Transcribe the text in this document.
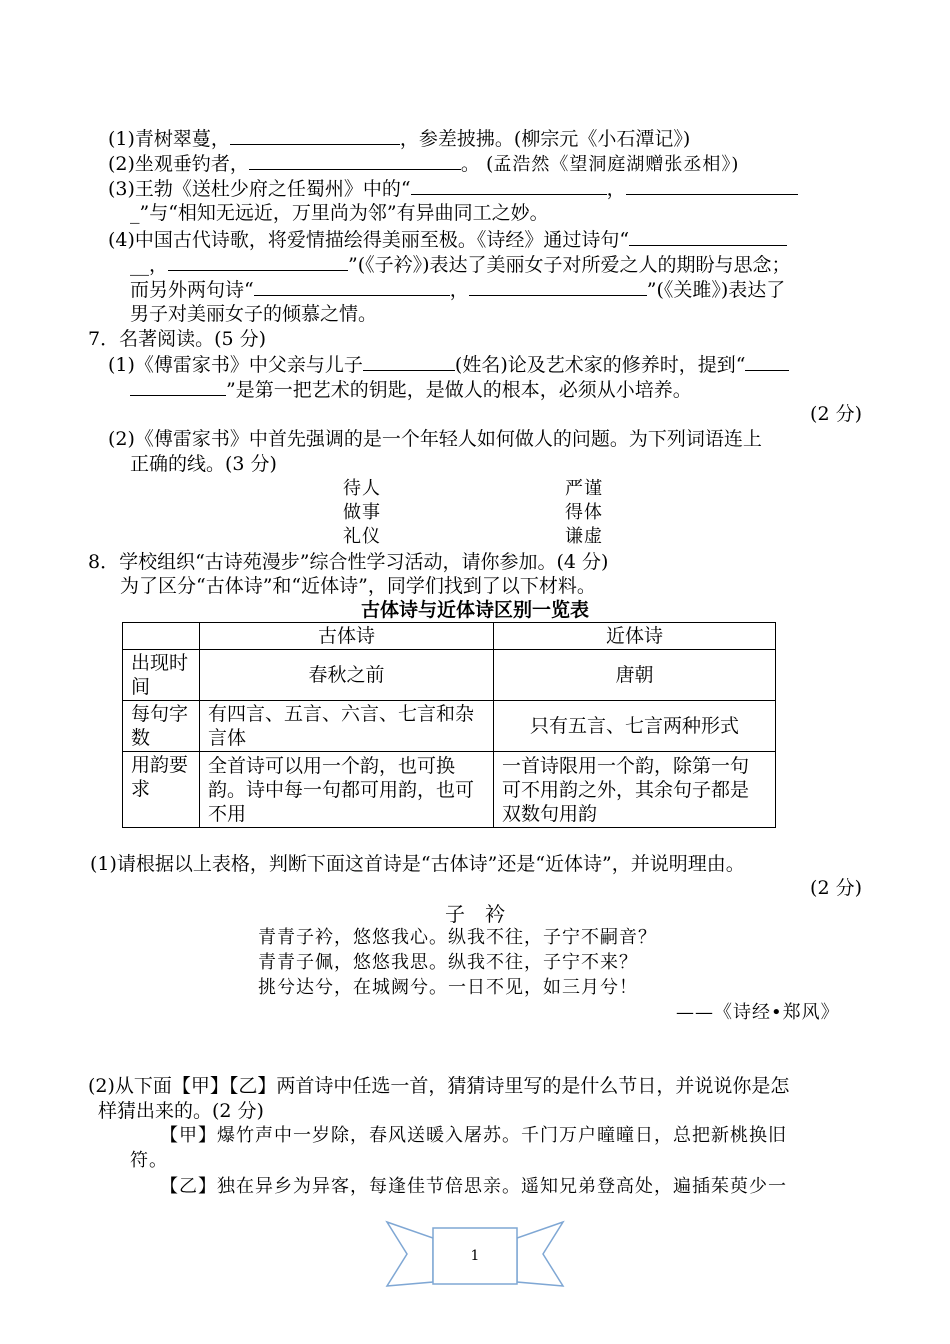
(1)青树翠蔓，	，参差披拂。(柳宗元《小石潭记》)
(2)坐观垂钓者，	。 (孟浩然《望洞庭湖赠张丞相》)
(3)王勃《送杜少府之任蜀州》中的“	，
_”与“相知无远近，万里尚为邻”有异曲同工之妙。
(4)中国古代诗歌，将爱情描绘得美丽至极。《诗经》通过诗句“
__，	”(《子衿》)表达了美丽女子对所爱之人的期盼与思念；
而另外两句诗“	，	”(《关雎》)表达了
男子对美丽女子的倾慕之情。
7．名著阅读。(5 分)
(1)《傅雷家书》中父亲与儿子	(姓名)论及艺术家的修养时，提到“
”是第一把艺术的钥匙，是做人的根本，必须从小培养。
(2 分)
(2)《傅雷家书》中首先强调的是一个年轻人如何做人的问题。为下列词语连上
正确的线。(3 分)
待人
做事
礼仪
严谨
得体
谦虚
8．学校组织“古诗苑漫步”综合性学习活动，请你参加。(4 分)
为了区分“古体诗”和“近体诗”，同学们找到了以下材料。
古体诗与近体诗区别一览表
	古体诗	近体诗
出现时间	春秋之前	唐朝
每句字数	有四言、五言、六言、七言和杂言体	只有五言、七言两种形式
用韵要求	全首诗可以用一个韵，也可换韵。诗中每一句都可用韵，也可不用	一首诗限用一个韵，除第一句可不用韵之外，其余句子都是双数句用韵
(1)请根据以上表格，判断下面这首诗是“古体诗”还是“近体诗”，并说明理由。
(2 分)
子　衿
青青子衿，悠悠我心。纵我不往，子宁不嗣音？
青青子佩，悠悠我思。纵我不往，子宁不来？
挑兮达兮，在城阙兮。一日不见，如三月兮！
——《诗经•郑风》
(2)从下面【甲】【乙】两首诗中任选一首，猜猜诗里写的是什么节日，并说说你是怎
样猜出来的。(2 分)
【甲】爆竹声中一岁除，春风送暖入屠苏。千门万户曈曈日，总把新桃换旧
符。
【乙】独在异乡为异客，每逢佳节倍思亲。遥知兄弟登高处，遍插茱萸少一
1
